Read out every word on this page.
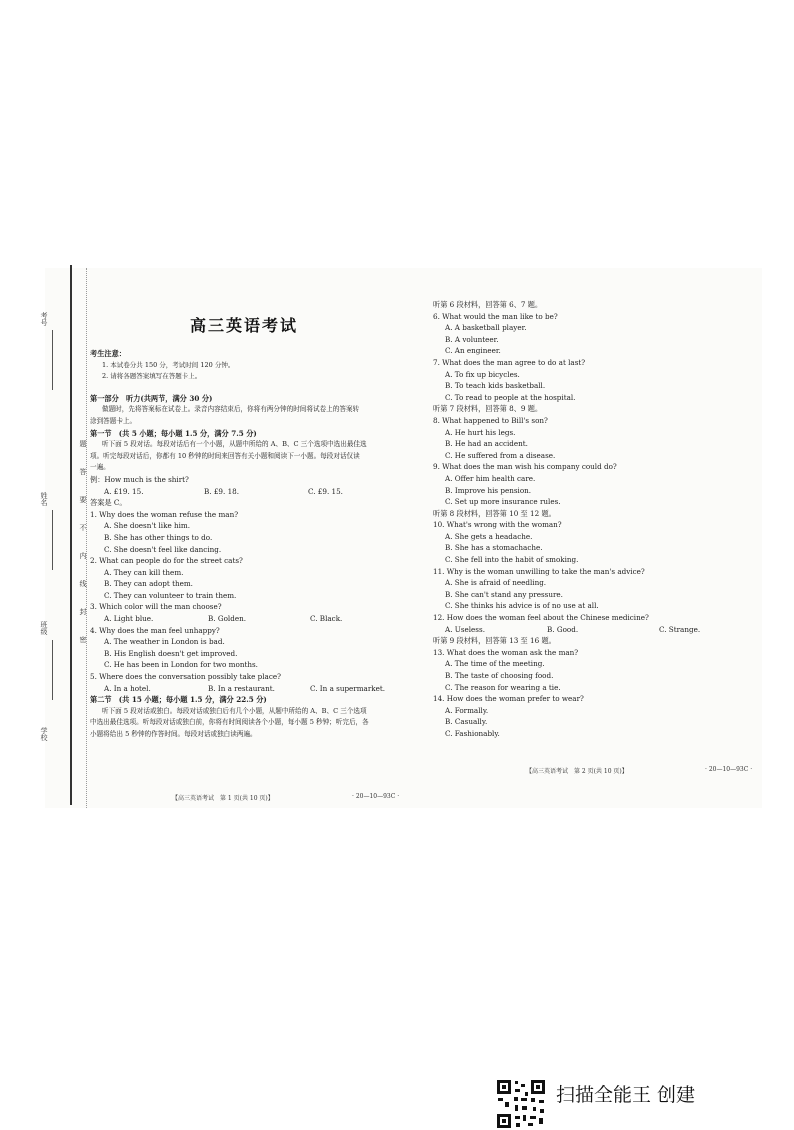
考号
姓名
班级
学校
题
答
要
不
内
线
封
密
高三英语考试

考生注意：

1. 本试卷分共 150 分，考试时间 120 分钟。

2. 请将各题答案填写在答题卡上。

第一部分　听力(共两节，满分 30 分)

做题时，先将答案标在试卷上。录音内容结束后，你将有两分钟的时间将试卷上的答案转

涂到答题卡上。

第一节　(共 5 小题；每小题 1.5 分，满分 7.5 分)

听下面 5 段对话。每段对话后有一个小题，从题中所给的 A、B、C 三个选项中选出最佳选

项。听完每段对话后，你都有 10 秒钟的时间来回答有关小题和阅读下一小题。每段对话仅读

一遍。

例：How much is the shirt?

A. £19. 15.	B. £9. 18.	C. £9. 15.

答案是 C。

1. Why does the woman refuse the man?

A. She doesn't like him.

B. She has other things to do.

C. She doesn't feel like dancing.

2. What can people do for the street cats?

A. They can kill them.

B. They can adopt them.

C. They can volunteer to train them.

3. Which color will the man choose?

A. Light blue.	B. Golden.	C. Black.

4. Why does the man feel unhappy?

A. The weather in London is bad.

B. His English doesn't get improved.

C. He has been in London for two months.

5. Where does the conversation possibly take place?

A. In a hotel.	B. In a restaurant.	C. In a supermarket.

第二节　(共 15 小题；每小题 1.5 分，满分 22.5 分)

听下面 5 段对话或独白。每段对话或独白后有几个小题，从题中所给的 A、B、C 三个选项

中选出最佳选项。听每段对话或独白前，你将有时间阅读各个小题，每小题 5 秒钟；听完后，各

小题将给出 5 秒钟的作答时间。每段对话或独白读两遍。

【高三英语考试　第 1 页(共 10 页)】	· 20—10—93C ·

听第 6 段材料，回答第 6、7 题。

6. What would the man like to be?

A. A basketball player.

B. A volunteer.

C. An engineer.

7. What does the man agree to do at last?

A. To fix up bicycles.

B. To teach kids basketball.

C. To read to people at the hospital.

听第 7 段材料，回答第 8、9 题。

8. What happened to Bill's son?

A. He hurt his legs.

B. He had an accident.

C. He suffered from a disease.

9. What does the man wish his company could do?

A. Offer him health care.

B. Improve his pension.

C. Set up more insurance rules.

听第 8 段材料，回答第 10 至 12 题。

10. What's wrong with the woman?

A. She gets a headache.

B. She has a stomachache.

C. She fell into the habit of smoking.

11. Why is the woman unwilling to take the man's advice?

A. She is afraid of needling.

B. She can't stand any pressure.

C. She thinks his advice is of no use at all.

12. How does the woman feel about the Chinese medicine?

A. Useless.	B. Good.	C. Strange.

听第 9 段材料，回答第 13 至 16 题。

13. What does the woman ask the man?

A. The time of the meeting.

B. The taste of choosing food.

C. The reason for wearing a tie.

14. How does the woman prefer to wear?

A. Formally.

B. Casually.

C. Fashionably.

【高三英语考试　第 2 页(共 10 页)】	· 20—10—93C ·
扫描全能王 创建
